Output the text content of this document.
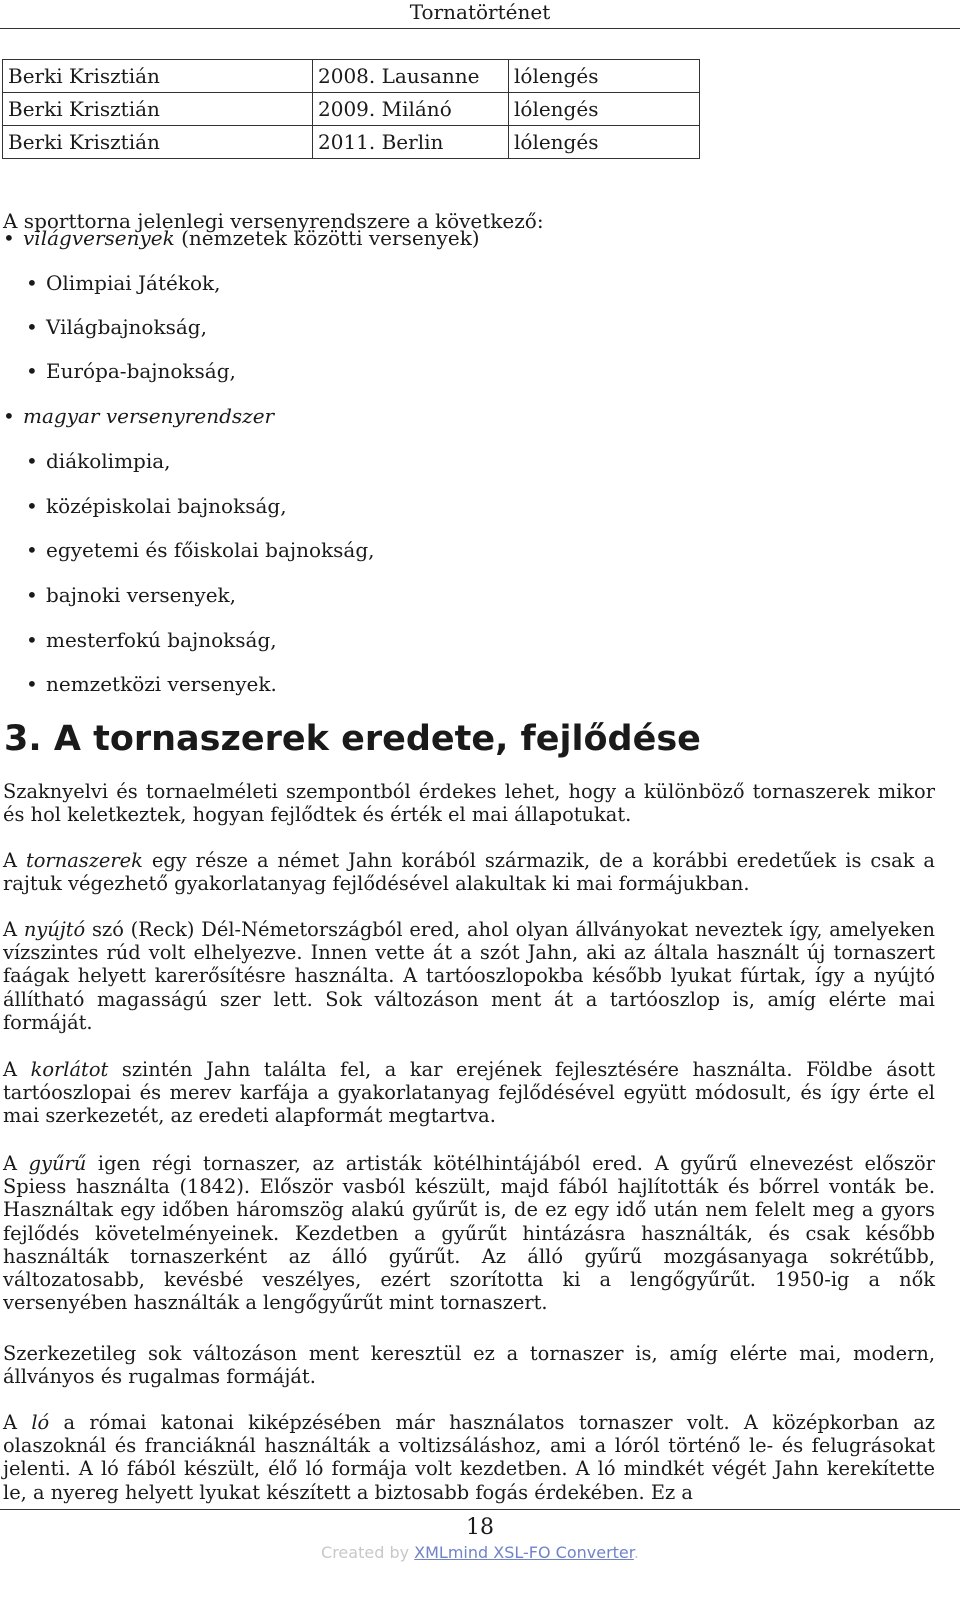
Tornatörténet
Berki Krisztián	2008. Lausanne	lólengés
Berki Krisztián	2009. Milánó	lólengés
Berki Krisztián	2011. Berlin	lólengés
A sporttorna jelenlegi versenyrendszere a következő:
• világversenyek (nemzetek közötti versenyek)
• Olimpiai Játékok,
• Világbajnokság,
• Európa-bajnokság,
• magyar versenyrendszer
• diákolimpia,
• középiskolai bajnokság,
• egyetemi és főiskolai bajnokság,
• bajnoki versenyek,
• mesterfokú bajnokság,
• nemzetközi versenyek.
3. A tornaszerek eredete, fejlődése

Szaknyelvi és tornaelméleti szempontból érdekes lehet, hogy a különböző tornaszerek mikor és hol keletkeztek, hogyan fejlődtek és érték el mai állapotukat.

A tornaszerek egy része a német Jahn korából származik, de a korábbi eredetűek is csak a rajtuk végezhető gyakorlatanyag fejlődésével alakultak ki mai formájukban.

A nyújtó szó (Reck) Dél-Németországból ered, ahol olyan állványokat neveztek így, amelyeken vízszintes rúd volt elhelyezve. Innen vette át a szót Jahn, aki az általa használt új tornaszert faágak helyett karerősítésre használta. A tartóoszlopokba később lyukat fúrtak, így a nyújtó állítható magasságú szer lett. Sok változáson ment át a tartóoszlop is, amíg elérte mai formáját.

A korlátot szintén Jahn találta fel, a kar erejének fejlesztésére használta. Földbe ásott tartóoszlopai és merev karfája a gyakorlatanyag fejlődésével együtt módosult, és így érte el mai szerkezetét, az eredeti alapformát megtartva.

A gyűrű igen régi tornaszer, az artisták kötélhintájából ered. A gyűrű elnevezést először Spiess használta (1842). Először vasból készült, majd fából hajlították és bőrrel vonták be. Használtak egy időben háromszög alakú gyűrűt is, de ez egy idő után nem felelt meg a gyors fejlődés követelményeinek. Kezdetben a gyűrűt hintázásra használták, és csak később használták tornaszerként az álló gyűrűt. Az álló gyűrű mozgásanyaga sokrétűbb, változatosabb, kevésbé veszélyes, ezért szorította ki a lengőgyűrűt. 1950-ig a nők versenyében használták a lengőgyűrűt mint tornaszert.

Szerkezetileg sok változáson ment keresztül ez a tornaszer is, amíg elérte mai, modern, állványos és rugalmas formáját.

A ló a római katonai kiképzésében már használatos tornaszer volt. A középkorban az olaszoknál és franciáknál használták a voltizsáláshoz, ami a lóról történő le- és felugrásokat jelenti. A ló fából készült, élő ló formája volt kezdetben. A ló mindkét végét Jahn kerekítette le, a nyereg helyett lyukat készített a biztosabb fogás érdekében. Ez a

18
Created by XMLmind XSL-FO Converter.
